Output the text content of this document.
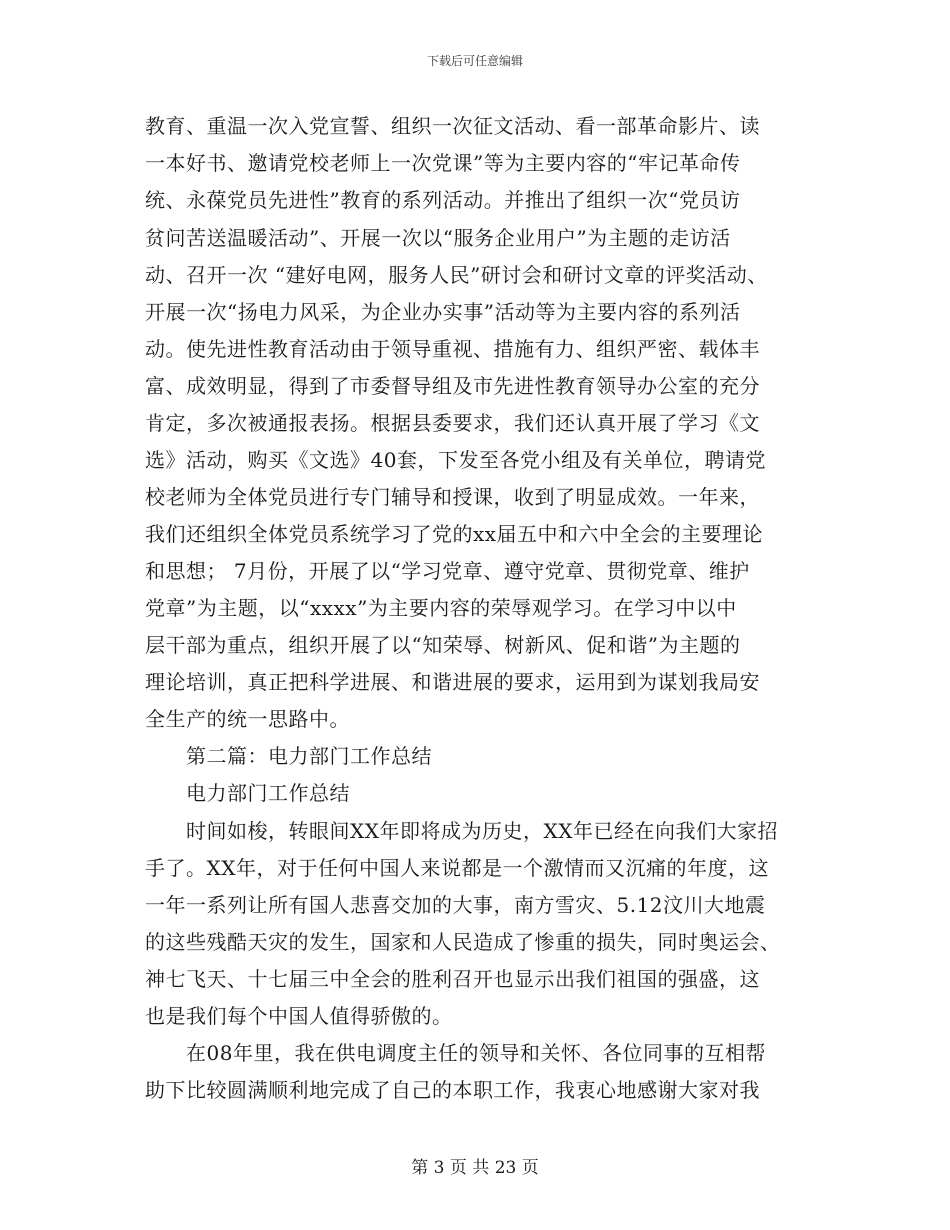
下载后可任意编辑
教育、重温一次入党宣誓、组织一次征文活动、看一部革命影片、读
一本好书、邀请党校老师上一次党课”等为主要内容的“牢记革命传
统、永葆党员先进性”教育的系列活动。并推出了组织一次“党员访
贫问苦送温暖活动”、开展一次以“服务企业用户”为主题的走访活
动、召开一次 “建好电网，服务人民”研讨会和研讨文章的评奖活动、
开展一次“扬电力风采，为企业办实事”活动等为主要内容的系列活
动。使先进性教育活动由于领导重视、措施有力、组织严密、载体丰
富、成效明显，得到了市委督导组及市先进性教育领导办公室的充分
肯定，多次被通报表扬。根据县委要求，我们还认真开展了学习《文
选》活动，购买《文选》40套，下发至各党小组及有关单位，聘请党
校老师为全体党员进行专门辅导和授课，收到了明显成效。一年来，
我们还组织全体党员系统学习了党的xx届五中和六中全会的主要理论
和思想； 7月份，开展了以“学习党章、遵守党章、贯彻党章、维护
党章”为主题，以“xxxx”为主要内容的荣辱观学习。在学习中以中
层干部为重点，组织开展了以“知荣辱、树新风、促和谐”为主题的
理论培训，真正把科学进展、和谐进展的要求，运用到为谋划我局安
全生产的统一思路中。
第二篇：电力部门工作总结
电力部门工作总结
时间如梭，转眼间XX年即将成为历史，XX年已经在向我们大家招
手了。XX年，对于任何中国人来说都是一个激情而又沉痛的年度，这
一年一系列让所有国人悲喜交加的大事，南方雪灾、5.12汶川大地震
的这些残酷天灾的发生，国家和人民造成了惨重的损失，同时奥运会、
神七飞天、十七届三中全会的胜利召开也显示出我们祖国的强盛，这
也是我们每个中国人值得骄傲的。
在08年里，我在供电调度主任的领导和关怀、各位同事的互相帮
助下比较圆满顺利地完成了自己的本职工作，我衷心地感谢大家对我
第 3 页 共 23 页
